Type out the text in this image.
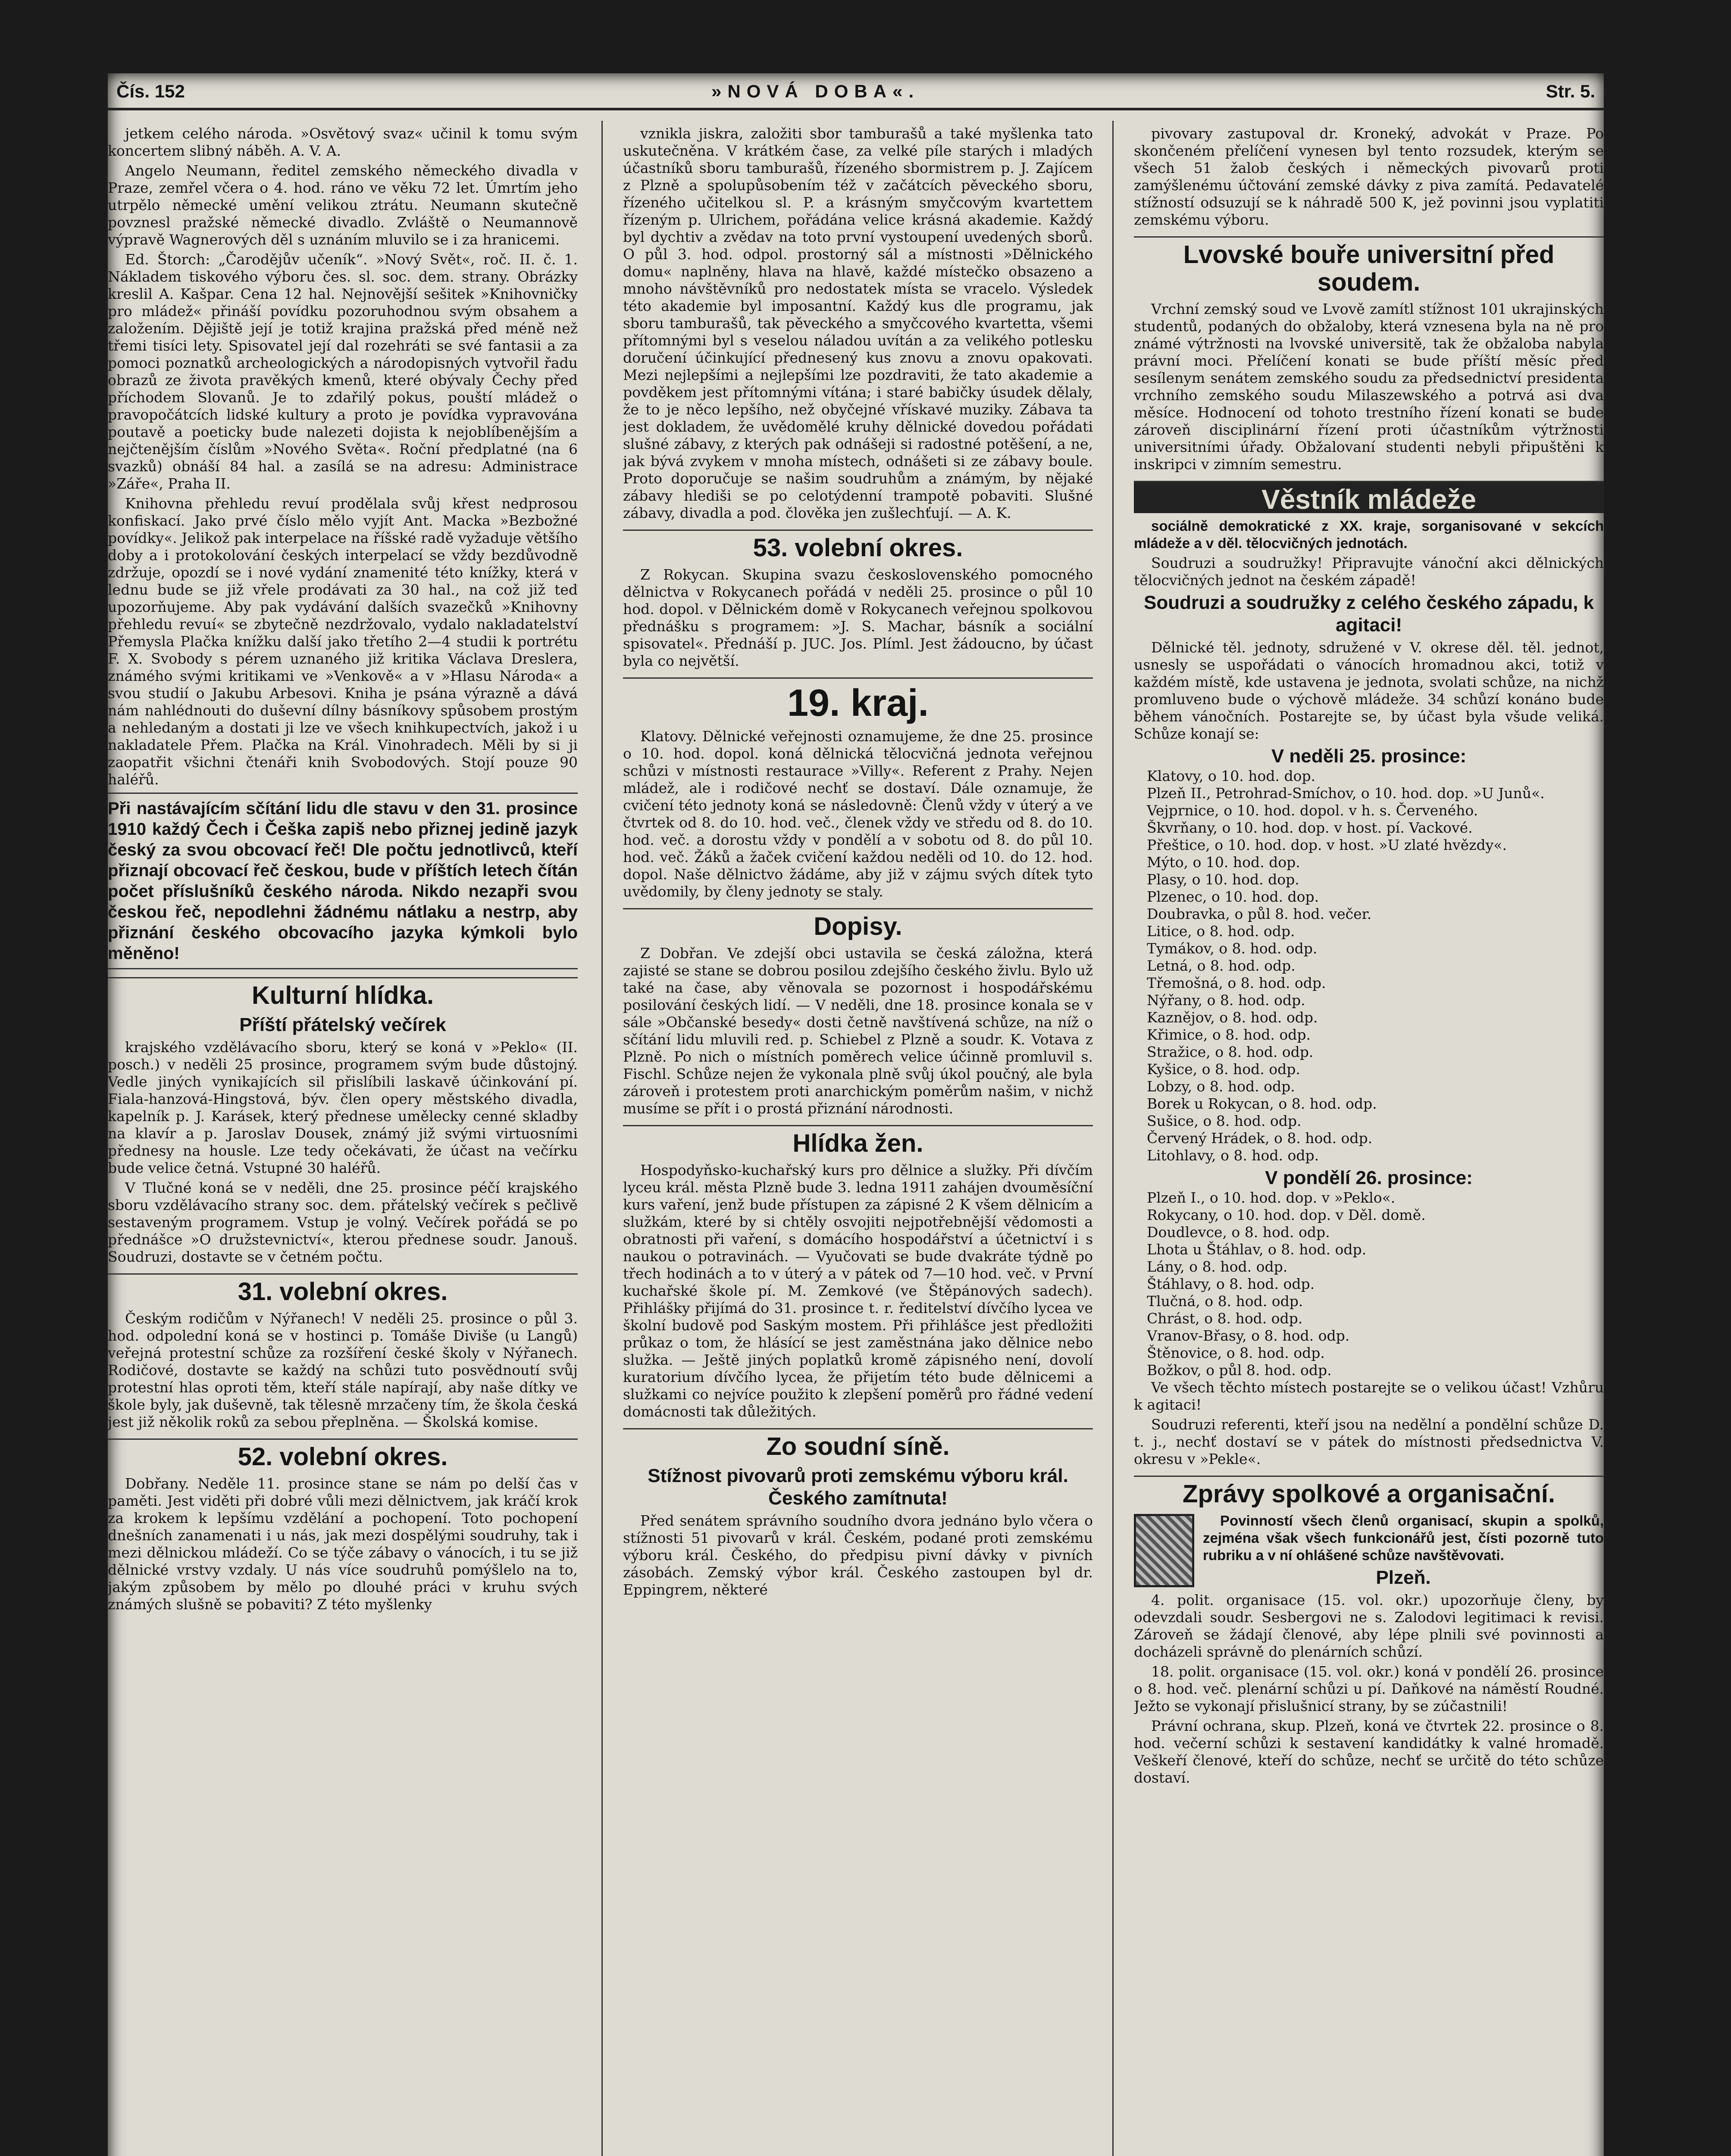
Čís. 152	»NOVÁ DOBA«.	Str. 5.

jetkem celého národa. »Osvětový svaz« učinil k tomu svým koncertem slibný náběh. A. V. A.

Angelo Neumann, ředitel zemského německého divadla v Praze, zemřel včera o 4. hod. ráno ve věku 72 let. Úmrtím jeho utrpělo německé umění velikou ztrátu. Neumann skutečně povznesl pražské německé divadlo. Zvláště o Neumannově výpravě Wagnerových děl s uznáním mluvilo se i za hranicemi.

Ed. Štorch: „Čarodějův učeník“. »Nový Svět«, roč. II. č. 1. Nákladem tiskového výboru čes. sl. soc. dem. strany. Obrázky kreslil A. Kašpar. Cena 12 hal. Nejnovější sešitek »Knihovničky pro mládež« přináší povídku pozoruhodnou svým obsahem a založením. Dějiště její je totiž krajina pražská před méně než třemi tisíci lety. Spisovatel její dal rozehráti se své fantasii a za pomoci poznatků archeologických a národopisných vytvořil řadu obrazů ze života pravěkých kmenů, které obývaly Čechy před příchodem Slovanů. Je to zdařilý pokus, pouští mládež o pravopočátcích lidské kultury a proto je povídka vypravována poutavě a poeticky bude nalezeti dojista k nejoblíbenějším a nejčtenějším číslům »Nového Světa«. Roční předplatné (na 6 svazků) obnáší 84 hal. a zasílá se na adresu: Administrace »Záře«, Praha II.

Knihovna přehledu revuí prodělala svůj křest nedprosou konfiskací. Jako prvé číslo mělo vyjít Ant. Macka »Bezbožné povídky«. Jelikož pak interpelace na říšské radě vyžaduje většího doby a i protokolování českých interpelací se vždy bezdůvodně zdržuje, opozdí se i nové vydání znamenité této knížky, která v lednu bude se již vřele prodávati za 30 hal., na což již teď upozorňujeme. Aby pak vydávání dalších svazečků »Knihovny přehledu revuí« se zbytečně nezdržovalo, vydalo nakladatelství Přemysla Plačka knížku další jako třetího 2—4 studii k portrétu F. X. Svobody s pérem uznaného již kritika Václava Dreslera, známého svými kritikami ve »Venkově« a v »Hlasu Národa« a svou studií o Jakubu Arbesovi. Kniha je psána výrazně a dává nám nahlédnouti do duševní dílny básníkovy spůsobem prostým a nehledaným a dostati ji lze ve všech knihkupectvích, jakož i u nakladatele Přem. Plačka na Král. Vinohradech. Měli by si ji zaopatřit všichni čtenáři knih Svobodových. Stojí pouze 90 haléřů.

Při nastávajícím sčítání lidu dle stavu v den 31. prosince 1910 každý Čech i Češka zapiš nebo přiznej jedině jazyk český za svou obcovací řeč! Dle počtu jednotlivců, kteří přiznají obcovací řeč českou, bude v příštích letech čítán počet příslušníků českého národa. Nikdo nezapři svou českou řeč, nepodlehni žádnému nátlaku a nestrp, aby přiznání českého obcovacího jazyka kýmkoli bylo měněno!
Kulturní hlídka.
Příští přátelský večírek

krajského vzdělávacího sboru, který se koná v »Peklo« (II. posch.) v neděli 25 prosince, programem svým bude důstojný. Vedle jiných vynikajících sil přislíbili laskavě účinkování pí. Fiala-hanzová-Hingstová, býv. člen opery městského divadla, kapelník p. J. Karásek, který přednese umělecky cenné skladby na klavír a p. Jaroslav Dousek, známý již svými virtuosními přednesy na housle. Lze tedy očekávati, že účast na večírku bude velice četná. Vstupné 30 haléřů.

V Tlučné koná se v neděli, dne 25. prosince péčí krajského sboru vzdělávacího strany soc. dem. přátelský večírek s pečlivě sestaveným programem. Vstup je volný. Večírek pořádá se po přednášce »O družstevnictví«, kterou přednese soudr. Janouš. Soudruzi, dostavte se v četném počtu.

31. volební okres.

Českým rodičům v Nýřanech! V neděli 25. prosince o půl 3. hod. odpolední koná se v hostinci p. Tomáše Diviše (u Langů) veřejná protestní schůze za rozšíření české školy v Nýřanech. Rodičové, dostavte se každý na schůzi tuto posvědnoutí svůj protestní hlas oproti těm, kteří stále napírají, aby naše dítky ve škole byly, jak duševně, tak tělesně mrzačeny tím, že škola česká jest již několik roků za sebou přeplněna. — Školská komise.

52. volební okres.

Dobřany. Neděle 11. prosince stane se nám po delší čas v paměti. Jest viděti při dobré vůli mezi dělnictvem, jak kráčí krok za krokem k lepšímu vzdělání a pochopení. Toto pochopení dnešních zanamenati i u nás, jak mezi dospělými soudruhy, tak i mezi dělnickou mládeží. Co se týče zábavy o vánocích, i tu se již dělnické vrstvy vzdaly. U nás více soudruhů pomýšlelo na to, jakým způsobem by mělo po dlouhé práci v kruhu svých známých slušně se pobaviti? Z této myšlenky

vznikla jiskra, založiti sbor tamburašů a také myšlenka tato uskutečněna. V krátkém čase, za velké píle starých i mladých účastníků sboru tamburašů, řízeného sbormistrem p. J. Zajícem z Plzně a spolupůsobením též v začátcích pěveckého sboru, řízeného učitelkou sl. P. a krásným smyčcovým kvartettem řízeným p. Ulrichem, pořádána velice krásná akademie. Každý byl dychtiv a zvědav na toto první vystoupení uvedených sborů. O půl 3. hod. odpol. prostorný sál a místnosti »Dělnického domu« naplněny, hlava na hlavě, každé místečko obsazeno a mnoho návštěvníků pro nedostatek místa se vracelo. Výsledek této akademie byl imposantní. Každý kus dle programu, jak sboru tamburašů, tak pěveckého a smyčcového kvartetta, všemi přítomnými byl s veselou náladou uvítán a za velikého potlesku doručení účinkující přednesený kus znovu a znovu opakovati. Mezi nejlepšími a nejlepšími lze pozdraviti, že tato akademie a povděkem jest přítomnými vítána; i staré babičky úsudek dělaly, že to je něco lepšího, než obyčejné vřískavé muziky. Zábava ta jest dokladem, že uvědomělé kruhy dělnické dovedou pořádati slušné zábavy, z kterých pak odnášeji si radostné potěšení, a ne, jak bývá zvykem v mnoha místech, odnášeti si ze zábavy boule. Proto doporučuje se našim soudruhům a známým, by nějaké zábavy hlediši se po celotýdenní trampotě pobaviti. Slušné zábavy, divadla a pod. člověka jen zušlechťují. — A. K.

53. volební okres.

Z Rokycan. Skupina svazu československého pomocného dělnictva v Rokycanech pořádá v neděli 25. prosince o půl 10 hod. dopol. v Dělnickém domě v Rokycanech veřejnou spolkovou přednášku s programem: »J. S. Machar, básník a sociální spisovatel«. Přednáší p. JUC. Jos. Plíml. Jest žádoucno, by účast byla co největší.

19. kraj.

Klatovy. Dělnické veřejnosti oznamujeme, že dne 25. prosince o 10. hod. dopol. koná dělnická tělocvičná jednota veřejnou schůzi v místnosti restaurace »Villy«. Referent z Prahy. Nejen mládež, ale i rodičové nechť se dostaví. Dále oznamuje, že cvičení této jednoty koná se následovně: Členů vždy v úterý a ve čtvrtek od 8. do 10. hod. več., členek vždy ve středu od 8. do 10. hod. več. a dorostu vždy v pondělí a v sobotu od 8. do půl 10. hod. več. Žáků a žaček cvičení každou neděli od 10. do 12. hod. dopol. Naše dělnictvo žádáme, aby již v zájmu svých dítek tyto uvědomily, by členy jednoty se staly.

Dopisy.

Z Dobřan. Ve zdejší obci ustavila se česká záložna, která zajisté se stane se dobrou posilou zdejšího českého živlu. Bylo už také na čase, aby věnovala se pozornost i hospodářskému posilování českých lidí. — V neděli, dne 18. prosince konala se v sále »Občanské besedy« dosti četně navštívená schůze, na níž o sčítání lidu mluvili red. p. Schiebel z Plzně a soudr. K. Votava z Plzně. Po nich o místních poměrech velice účinně promluvil s. Fischl. Schůze nejen že vykonala plně svůj úkol poučný, ale byla zároveň i protestem proti anarchickým poměrům našim, v nichž musíme se přít i o prostá přiznání národnosti.

Hlídka žen.

Hospodyňsko-kuchařský kurs pro dělnice a služky. Při dívčím lyceu král. města Plzně bude 3. ledna 1911 zahájen dvouměsíční kurs vaření, jenž bude přístupen za zápisné 2 K všem dělnicím a služkám, které by si chtěly osvojiti nejpotřebnější vědomosti a obratnosti při vaření, s domácího hospodářství a účetnictví i s naukou o potravinách. — Vyučovati se bude dvakráte týdně po třech hodinách a to v úterý a v pátek od 7—10 hod. več. v První kuchařské škole pí. M. Zemkové (ve Štěpánových sadech). Přihlášky přijímá do 31. prosince t. r. ředitelství dívčího lycea ve školní budově pod Saským mostem. Při přihlášce jest předložiti průkaz o tom, že hlásící se jest zaměstnána jako dělnice nebo služka. — Ještě jiných poplatků kromě zápisného není, dovolí kuratorium dívčího lycea, že přijetím této bude dělnicemi a služkami co nejvíce použito k zlepšení poměrů pro řádné vedení domácnosti tak důležitých.

Zo soudní síně.
Stížnost pivovarů proti zemskému výboru král. Českého zamítnuta!

Před senátem správního soudního dvora jednáno bylo včera o stížnosti 51 pivovarů v král. Českém, podané proti zemskému výboru král. Českého, do předpisu pivní dávky v pivních zásobách. Zemský výbor král. Českého zastoupen byl dr. Eppingrem, některé

pivovary zastupoval dr. Kroneký, advokát v Praze. Po skončeném přelíčení vynesen byl tento rozsudek, kterým se všech 51 žalob českých i německých pivovarů proti zamýšlenému účtování zemské dávky z piva zamítá. Pedavatelé stížností odsuzují se k náhradě 500 K, jež povinni jsou vyplatiti zemskému výboru.

Lvovské bouře universitní před soudem.

Vrchní zemský soud ve Lvově zamítl stížnost 101 ukrajinských studentů, podaných do obžaloby, která vznesena byla na ně pro známé výtržnosti na lvovské universitě, tak že obžaloba nabyla právní moci. Přelíčení konati se bude příští měsíc před sesílenym senátem zemského soudu za předsednictví presidenta vrchního zemského soudu Milaszewského a potrvá asi dva měsíce. Hodnocení od tohoto trestního řízení konati se bude zároveň disciplinární řízení proti účastníkům výtržnosti universitními úřady. Obžalovaní studenti nebyli připuštěni k inskripci v zimním semestru.

Věstník mládeže

sociálně demokratické z XX. kraje, sorganisované v sekcích mládeže a v děl. tělocvičných jednotách.

Soudruzi a soudružky! Připravujte vánoční akci dělnických tělocvičných jednot na českém západě!

Soudruzi a soudružky z celého českého západu, k agitaci!

Dělnické těl. jednoty, sdružené v V. okrese děl. těl. jednot, usnesly se uspořádati o vánocích hromadnou akci, totiž v každém místě, kde ustavena je jednota, svolati schůze, na nichž promluveno bude o výchově mládeže. 34 schůzí konáno bude během vánočních. Postarejte se, by účast byla všude veliká. Schůze konají se:

V neděli 25. prosince:
Klatovy, o 10. hod. dop.
Plzeň II., Petrohrad-Smíchov, o 10. hod. dop. »U Junů«.
Vejprnice, o 10. hod. dopol. v h. s. Červeného.
Škvrňany, o 10. hod. dop. v host. pí. Vackové.
Přeštice, o 10. hod. dop. v host. »U zlaté hvězdy«.
Mýto, o 10. hod. dop.
Plasy, o 10. hod. dop.
Plzenec, o 10. hod. dop.
Doubravka, o půl 8. hod. večer.
Litice, o 8. hod. odp.
Tymákov, o 8. hod. odp.
Letná, o 8. hod. odp.
Třemošná, o 8. hod. odp.
Nýřany, o 8. hod. odp.
Kaznějov, o 8. hod. odp.
Křimice, o 8. hod. odp.
Stražice, o 8. hod. odp.
Kyšice, o 8. hod. odp.
Lobzy, o 8. hod. odp.
Borek u Rokycan, o 8. hod. odp.
Sušice, o 8. hod. odp.
Červený Hrádek, o 8. hod. odp.
Litohlavy, o 8. hod. odp.
V pondělí 26. prosince:
Plzeň I., o 10. hod. dop. v »Peklo«.
Rokycany, o 10. hod. dop. v Děl. domě.
Doudlevce, o 8. hod. odp.
Lhota u Štáhlav, o 8. hod. odp.
Lány, o 8. hod. odp.
Štáhlavy, o 8. hod. odp.
Tlučná, o 8. hod. odp.
Chrást, o 8. hod. odp.
Vranov-Břasy, o 8. hod. odp.
Štěnovice, o 8. hod. odp.
Božkov, o půl 8. hod. odp.

Ve všech těchto místech postarejte se o velikou účast! Vzhůru k agitaci!

Soudruzi referenti, kteří jsou na nedělní a pondělní schůze D. t. j., nechť dostaví se v pátek do místnosti předsednictva V. okresu v »Pekle«.

Zprávy spolkové a organisační.

Povinností všech členů organisací, skupin a spolků, zejména však všech funkcionářů jest, čísti pozorně tuto rubriku a v ní ohlášené schůze navštěvovati.

Plzeň.

4. polit. organisace (15. vol. okr.) upozorňuje členy, by odevzdali soudr. Sesbergovi ne s. Zalodovi legitimaci k revisi. Zároveň se žádají členové, aby lépe plnili své povinnosti a docházeli správně do plenárních schůzí.

18. polit. organisace (15. vol. okr.) koná v pondělí 26. prosince o 8. hod. več. plenární schůzi u pí. Daňkové na náměstí Roudné. Ježto se vykonají přislušnicí strany, by se zúčastnili!

Právní ochrana, skup. Plzeň, koná ve čtvrtek 22. prosince o 8. hod. večerní schůzi k sestavení kandidátky k valné hromadě. Veškeří členové, kteří do schůze, nechť se určitě do této schůze dostaví.
